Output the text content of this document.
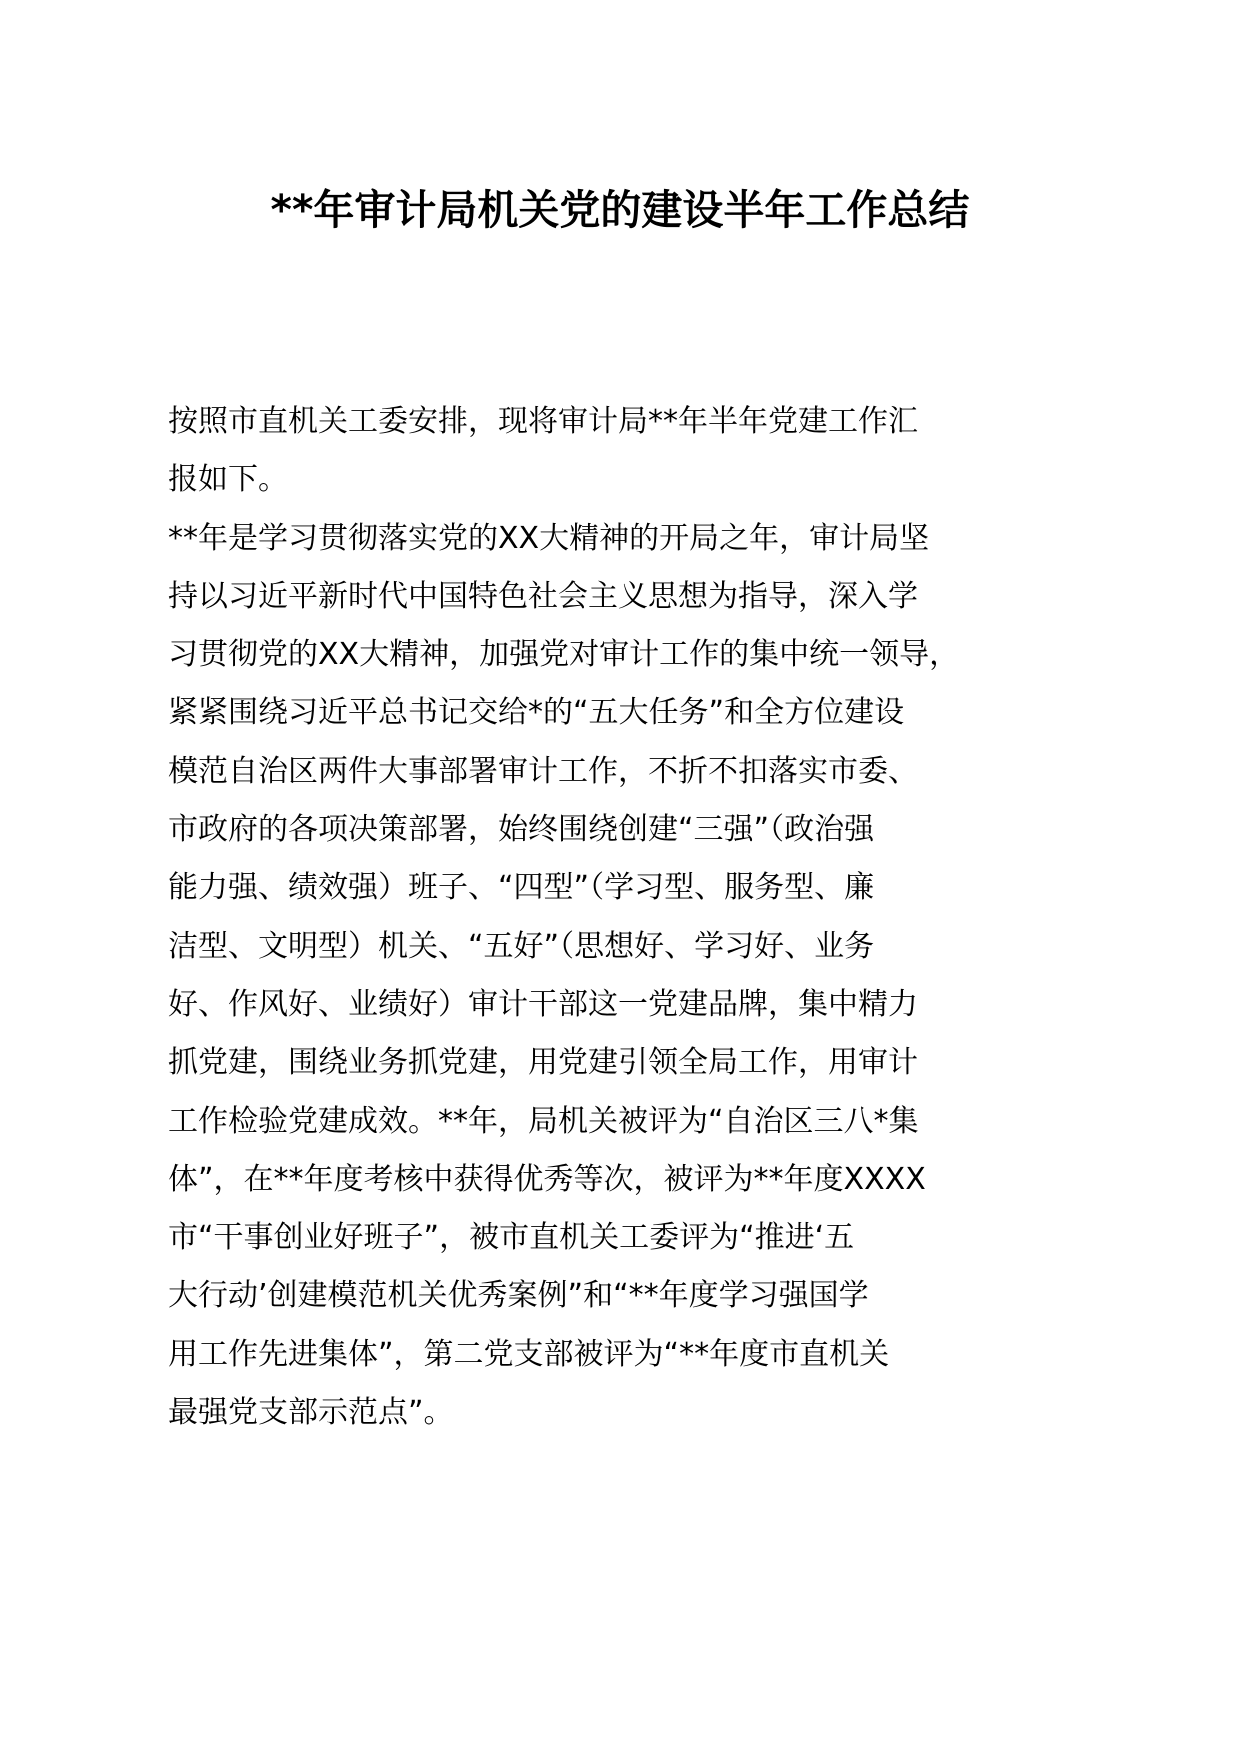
**年审计局机关党的建设半年工作总结
按照市直机关工委安排，现将审计局**年半年党建工作汇
报如下。
**年是学习贯彻落实党的XX大精神的开局之年，审计局坚
持以习近平新时代中国特色社会主义思想为指导，深入学
习贯彻党的XX大精神，加强党对审计工作的集中统一领导，
紧紧围绕习近平总书记交给*的“五大任务”和全方位建设
模范自治区两件大事部署审计工作，不折不扣落实市委、
市政府的各项决策部署，始终围绕创建“三强”（政治强
能力强、绩效强）班子、“四型”（学习型、服务型、廉
洁型、文明型）机关、“五好”（思想好、学习好、业务
好、作风好、业绩好）审计干部这一党建品牌，集中精力
抓党建，围绕业务抓党建，用党建引领全局工作，用审计
工作检验党建成效。**年，局机关被评为“自治区三八*集
体”，在**年度考核中获得优秀等次，被评为**年度XXXX
市“干事创业好班子”，被市直机关工委评为“推进‘五
大行动’创建模范机关优秀案例”和“**年度学习强国学
用工作先进集体”，第二党支部被评为“**年度市直机关
最强党支部示范点”。
